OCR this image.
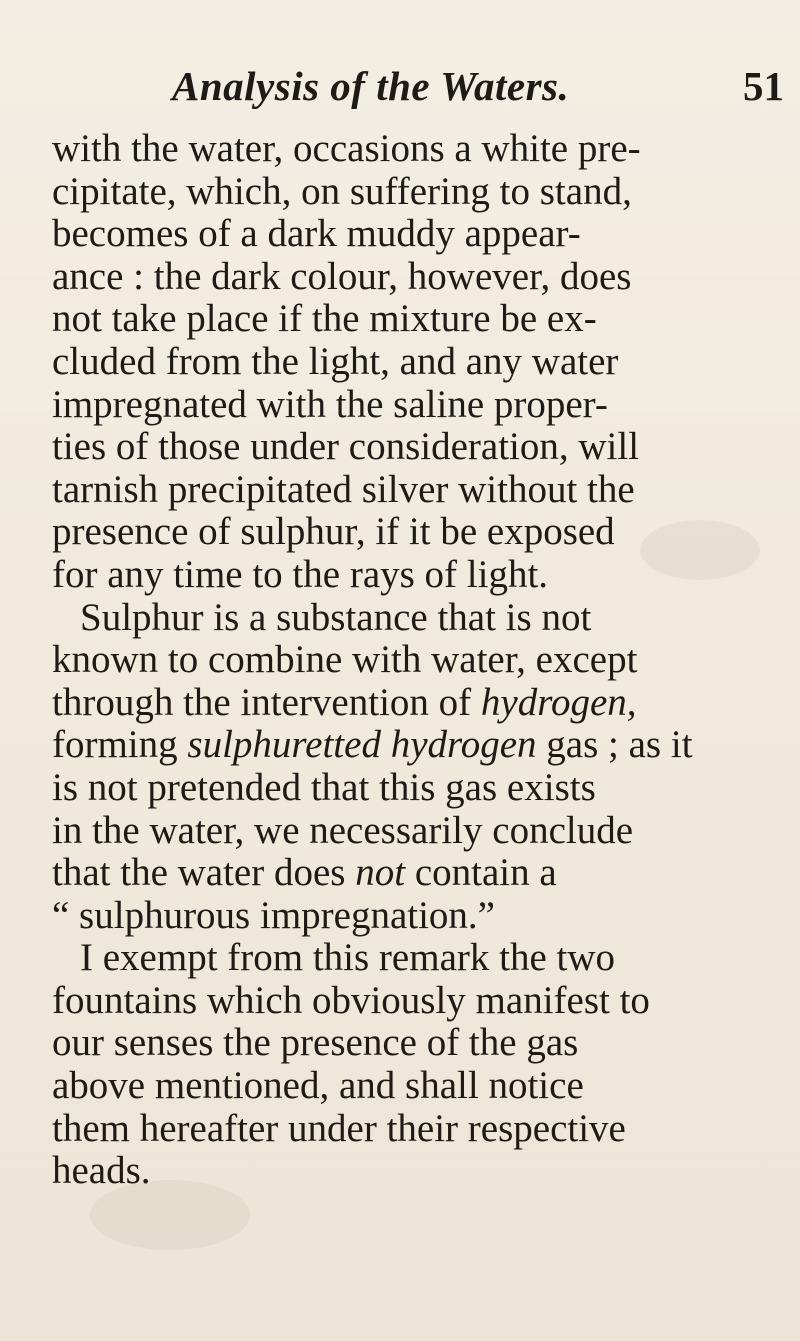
Analysis of the Waters.	51
with the water, occasions a white pre-
cipitate, which, on suffering to stand,
becomes of a dark muddy appear-
ance : the dark colour, however, does
not take place if the mixture be ex-
cluded from the light, and any water
impregnated with the saline proper-
ties of those under consideration, will
tarnish precipitated silver without the
presence of sulphur, if it be exposed
for any time to the rays of light.
Sulphur is a substance that is not
known to combine with water, except
through the intervention of hydrogen,
forming sulphuretted hydrogen gas ; as it
is not pretended that this gas exists
in the water, we necessarily conclude
that the water does not contain a
“ sulphurous impregnation.”
I exempt from this remark the two
fountains which obviously manifest to
our senses the presence of the gas
above mentioned, and shall notice
them hereafter under their respective
heads.
